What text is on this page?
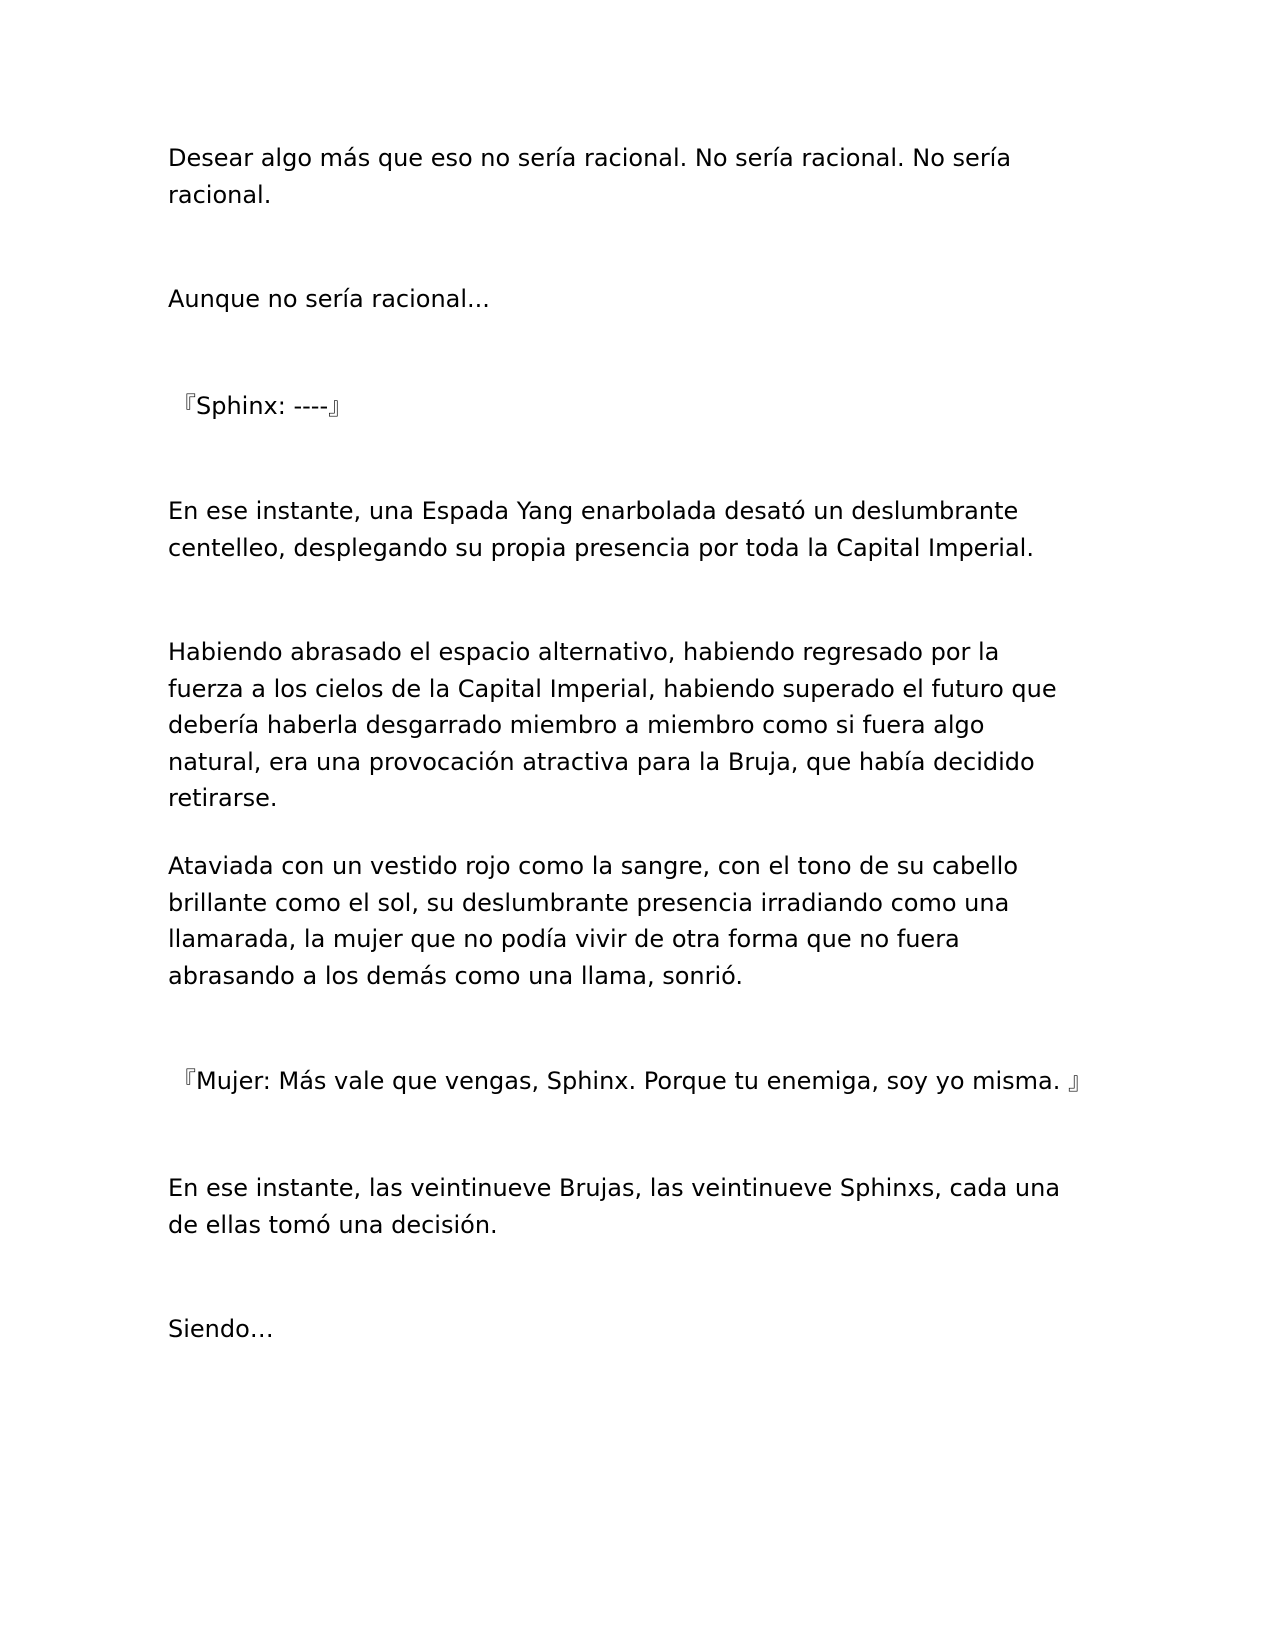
Desear algo más que eso no sería racional. No sería racional. No sería racional.

Aunque no sería racional...

『Sphinx: ----』

En ese instante, una Espada Yang enarbolada desató un deslumbrante centelleo, desplegando su propia presencia por toda la Capital Imperial.

Habiendo abrasado el espacio alternativo, habiendo regresado por la fuerza a los cielos de la Capital Imperial, habiendo superado el futuro que debería haberla desgarrado miembro a miembro como si fuera algo natural, era una provocación atractiva para la Bruja, que había decidido retirarse.

Ataviada con un vestido rojo como la sangre, con el tono de su cabello brillante como el sol, su deslumbrante presencia irradiando como una llamarada, la mujer que no podía vivir de otra forma que no fuera abrasando a los demás como una llama, sonrió.

『Mujer: Más vale que vengas, Sphinx. Porque tu enemiga, soy yo misma. 』

En ese instante, las veintinueve Brujas, las veintinueve Sphinxs, cada una de ellas tomó una decisión.

Siendo…
